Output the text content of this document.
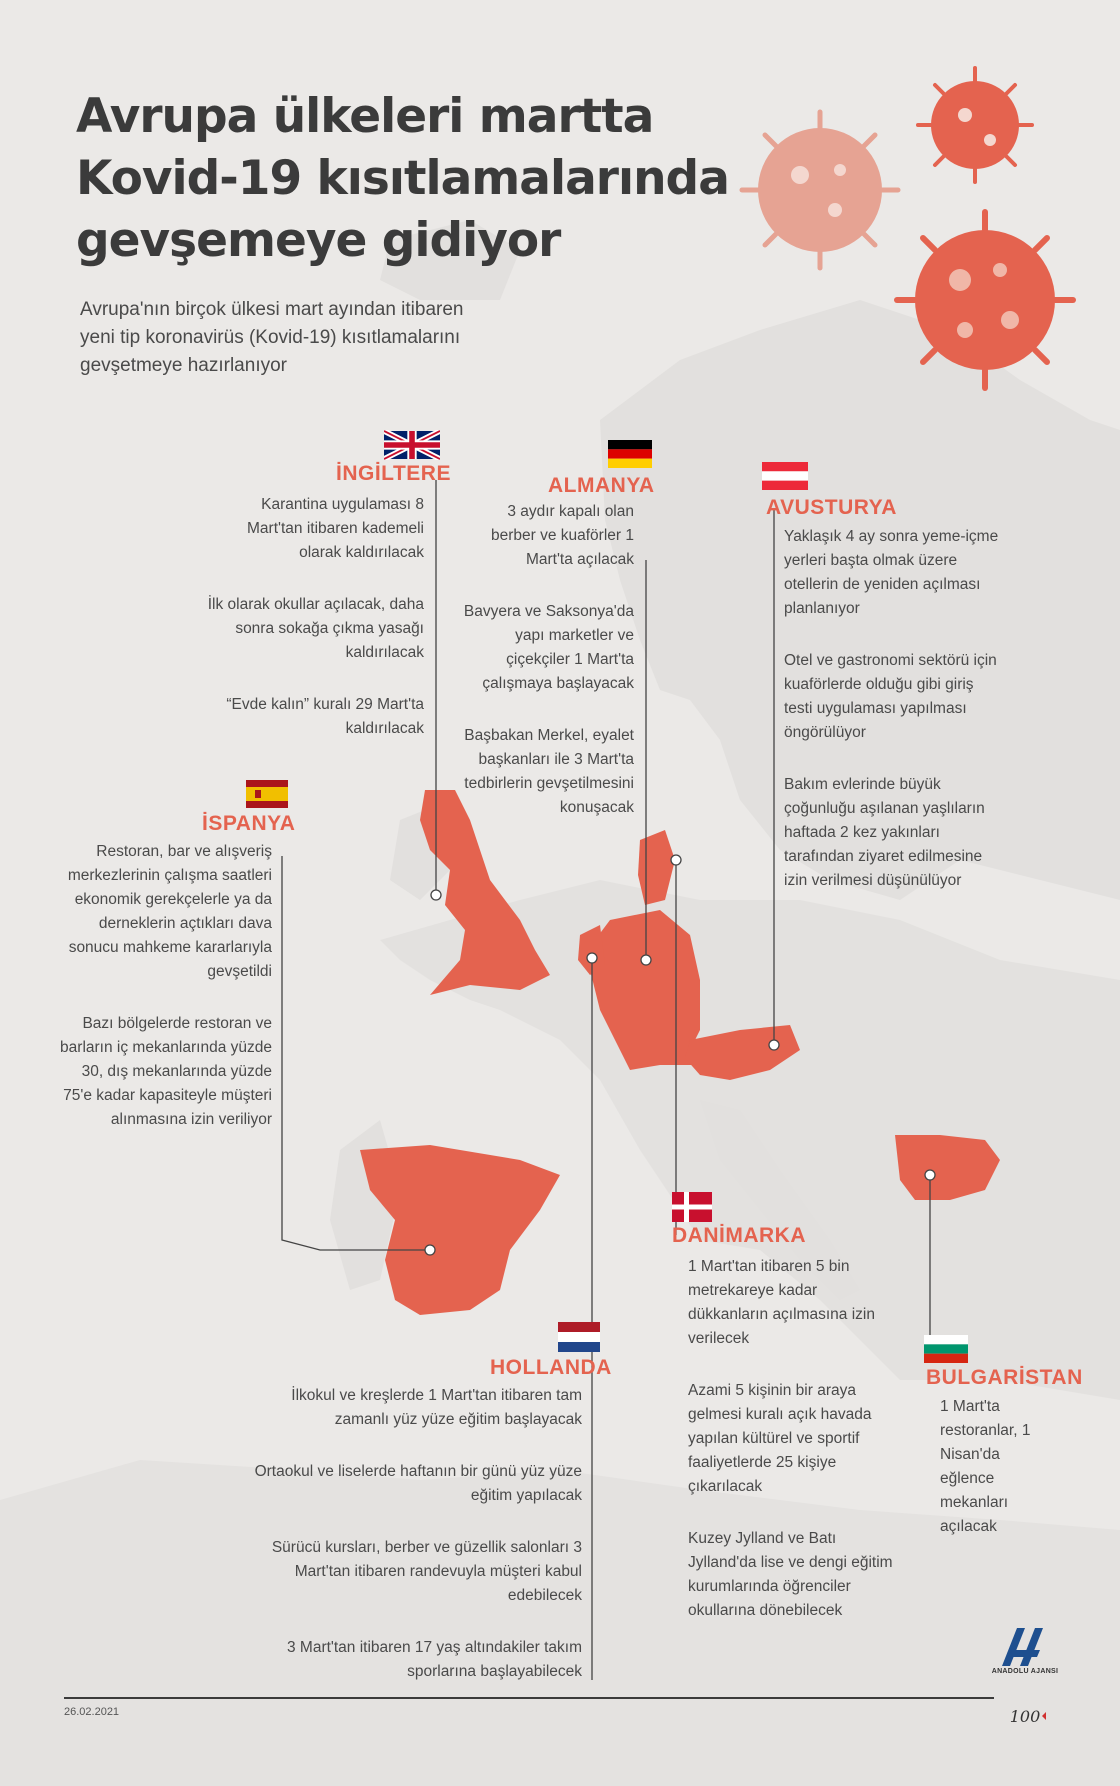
Avrupa ülkeleri martta
Kovid-19 kısıtlamalarında
gevşemeye gidiyor

Avrupa'nın birçok ülkesi mart ayından itibaren
yeni tip koronavirüs (Kovid-19) kısıtlamalarını
gevşetmeye hazırlanıyor

İNGİLTERE

Karantina uygulaması 8 Mart'tan itibaren kademeli olarak kaldırılacak

İlk olarak okullar açılacak, daha sonra sokağa çıkma yasağı kaldırılacak

“Evde kalın” kuralı 29 Mart'ta kaldırılacak

ALMANYA

3 aydır kapalı olan berber ve kuaförler 1 Mart'ta açılacak

Bavyera ve Saksonya'da yapı marketler ve çiçekçiler 1 Mart'ta çalışmaya başlayacak

Başbakan Merkel, eyalet başkanları ile 3 Mart'ta tedbirlerin gevşetilmesini konuşacak

AVUSTURYA

Yaklaşık 4 ay sonra yeme-içme yerleri başta olmak üzere otellerin de yeniden açılması planlanıyor

Otel ve gastronomi sektörü için kuaförlerde olduğu gibi giriş testi uygulaması yapılması öngörülüyor

Bakım evlerinde büyük çoğunluğu aşılanan yaşlıların haftada 2 kez yakınları tarafından ziyaret edilmesine izin verilmesi düşünülüyor

İSPANYA

Restoran, bar ve alışveriş merkezlerinin çalışma saatleri ekonomik gerekçelerle ya da derneklerin açtıkları dava sonucu mahkeme kararlarıyla gevşetildi

Bazı bölgelerde restoran ve barların iç mekanlarında yüzde 30, dış mekanlarında yüzde 75'e kadar kapasiteyle müşteri alınmasına izin veriliyor

DANİMARKA

1 Mart'tan itibaren 5 bin metrekareye kadar dükkanların açılmasına izin verilecek

Azami 5 kişinin bir araya gelmesi kuralı açık havada yapılan kültürel ve sportif faaliyetlerde 25 kişiye çıkarılacak

Kuzey Jylland ve Batı Jylland'da lise ve dengi eğitim kurumlarında öğrenciler okullarına dönebilecek

HOLLANDA

İlkokul ve kreşlerde 1 Mart'tan itibaren tam zamanlı yüz yüze eğitim başlayacak

Ortaokul ve liselerde haftanın bir günü yüz yüze eğitim yapılacak

Sürücü kursları, berber ve güzellik salonları 3 Mart'tan itibaren randevuyla müşteri kabul edebilecek

3 Mart'tan itibaren 17 yaş altındakiler takım sporlarına başlayabilecek

BULGARİSTAN

1 Mart'ta restoranlar, 1 Nisan'da eğlence mekanları açılacak

26.02.2021	100
ANADOLU AJANSI
